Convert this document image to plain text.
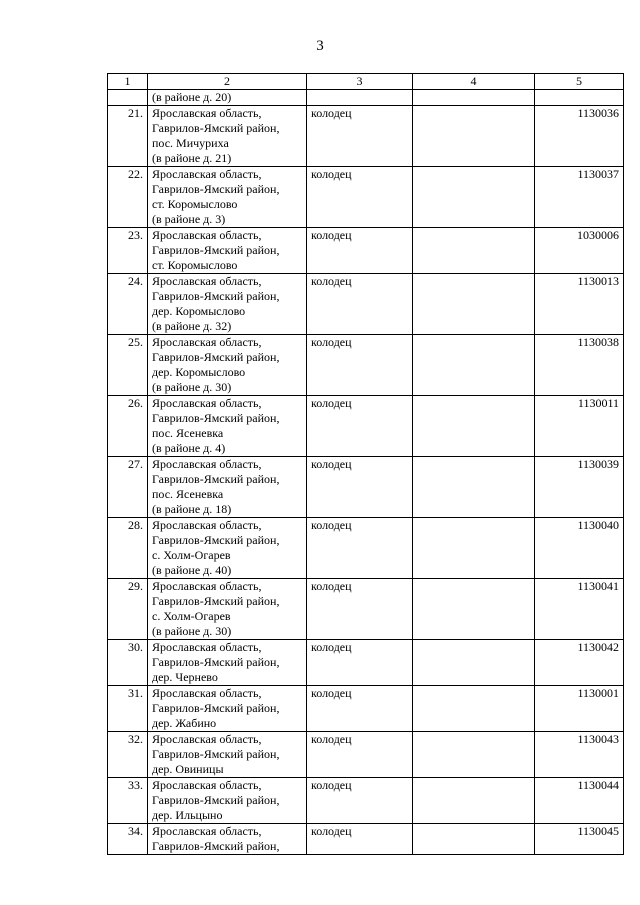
3
1	2	3	4	5

	(в районе д. 20)			

21.	Ярославская область,
Гаврилов-Ямский район,
пос. Мичуриха
(в районе д. 21)	колодец		1130036
22.	Ярославская область,
Гаврилов-Ямский район,
ст. Коромыслово
(в районе д. 3)	колодец		1130037
23.	Ярославская область,
Гаврилов-Ямский район,
ст. Коромыслово	колодец		1030006
24.	Ярославская область,
Гаврилов-Ямский район,
дер. Коромыслово
(в районе д. 32)	колодец		1130013
25.	Ярославская область,
Гаврилов-Ямский район,
дер. Коромыслово
(в районе д. 30)	колодец		1130038
26.	Ярославская область,
Гаврилов-Ямский район,
пос. Ясеневка
(в районе д. 4)	колодец		1130011
27.	Ярославская область,
Гаврилов-Ямский район,
пос. Ясеневка
(в районе д. 18)	колодец		1130039
28.	Ярославская область,
Гаврилов-Ямский район,
с. Холм-Огарев
(в районе д. 40)	колодец		1130040
29.	Ярославская область,
Гаврилов-Ямский район,
с. Холм-Огарев
(в районе д. 30)	колодец		1130041
30.	Ярославская область,
Гаврилов-Ямский район,
дер. Чернево	колодец		1130042
31.	Ярославская область,
Гаврилов-Ямский район,
дер. Жабино	колодец		1130001
32.	Ярославская область,
Гаврилов-Ямский район,
дер. Овиницы	колодец		1130043
33.	Ярославская область,
Гаврилов-Ямский район,
дер. Ильцыно	колодец		1130044
34.	Ярославская область,
Гаврилов-Ямский район,	колодец		1130045
